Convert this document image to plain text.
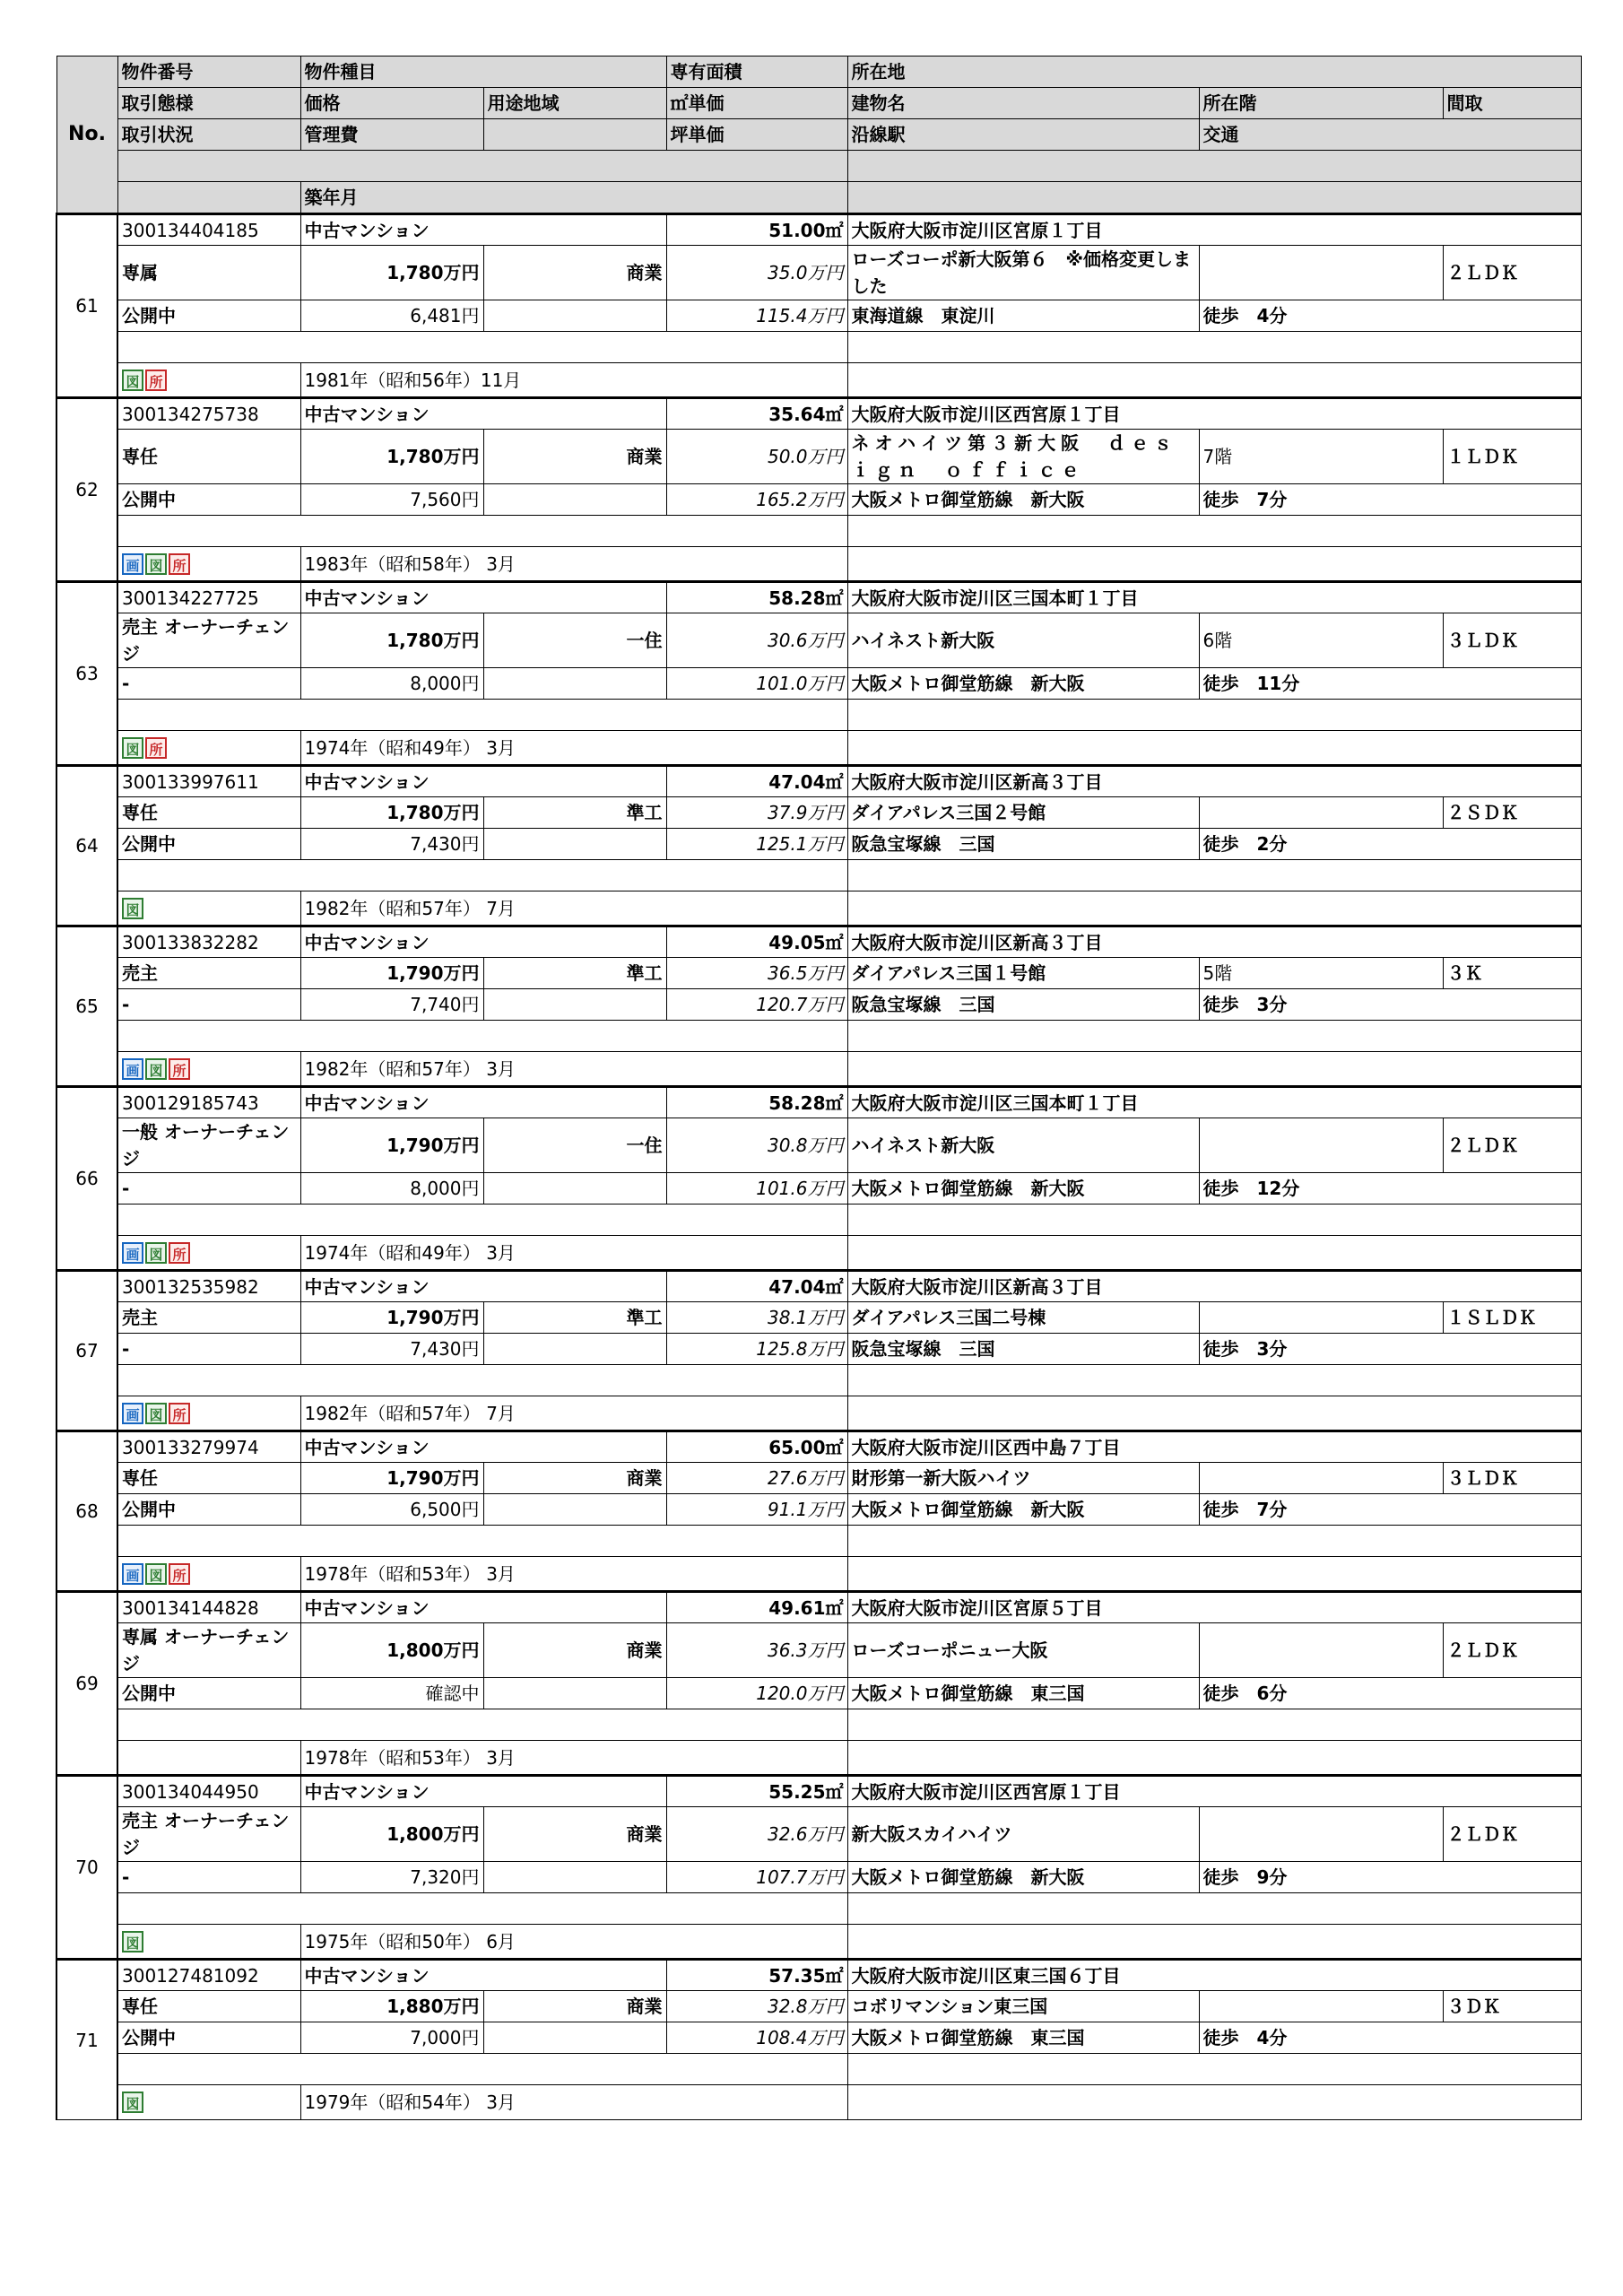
No.	物件番号	物件種目		専有面積	所在地		
	取引態様	価格	用途地域	㎡単価	建物名	所在階	間取
	取引状況	管理費		坪単価	沿線駅	交通	

		築年月					
61	300134404185	中古マンション		51.00㎡	大阪府大阪市淀川区宮原１丁目		
	専属	1,780万円	商業	35.0万円	ローズコーポ新大阪第６　※価格変更しました		２ＬＤＫ
	公開中	6,481円		115.4万円	東海道線　東淀川	徒歩　4分	

	図 所	1981年（昭和56年）11月					
62	300134275738	中古マンション		35.64㎡	大阪府大阪市淀川区西宮原１丁目		
	専任	1,780万円	商業	50.0万円	ネオハイツ第３新大阪　ｄｅｓｉｇｎ　ｏｆｆｉｃｅ	7階	１ＬＤＫ
	公開中	7,560円		165.2万円	大阪メトロ御堂筋線　新大阪	徒歩　7分	

	画 図 所	1983年（昭和58年） 3月					
63	300134227725	中古マンション		58.28㎡	大阪府大阪市淀川区三国本町１丁目		
	売主 オーナーチェンジ	1,780万円	一住	30.6万円	ハイネスト新大阪	6階	３ＬＤＫ
	-	8,000円		101.0万円	大阪メトロ御堂筋線　新大阪	徒歩　11分	

	図 所	1974年（昭和49年） 3月					
64	300133997611	中古マンション		47.04㎡	大阪府大阪市淀川区新高３丁目		
	専任	1,780万円	準工	37.9万円	ダイアパレス三国２号館		２ＳＤＫ
	公開中	7,430円		125.1万円	阪急宝塚線　三国	徒歩　2分	

	図	1982年（昭和57年） 7月					
65	300133832282	中古マンション		49.05㎡	大阪府大阪市淀川区新高３丁目		
	売主	1,790万円	準工	36.5万円	ダイアパレス三国１号館	5階	３Ｋ
	-	7,740円		120.7万円	阪急宝塚線　三国	徒歩　3分	

	画 図 所	1982年（昭和57年） 3月					
66	300129185743	中古マンション		58.28㎡	大阪府大阪市淀川区三国本町１丁目		
	一般 オーナーチェンジ	1,790万円	一住	30.8万円	ハイネスト新大阪		２ＬＤＫ
	-	8,000円		101.6万円	大阪メトロ御堂筋線　新大阪	徒歩　12分	

	画 図 所	1974年（昭和49年） 3月					
67	300132535982	中古マンション		47.04㎡	大阪府大阪市淀川区新高３丁目		
	売主	1,790万円	準工	38.1万円	ダイアパレス三国二号棟		１ＳＬＤＫ
	-	7,430円		125.8万円	阪急宝塚線　三国	徒歩　3分	

	画 図 所	1982年（昭和57年） 7月					
68	300133279974	中古マンション		65.00㎡	大阪府大阪市淀川区西中島７丁目		
	専任	1,790万円	商業	27.6万円	財形第一新大阪ハイツ		３ＬＤＫ
	公開中	6,500円		91.1万円	大阪メトロ御堂筋線　新大阪	徒歩　7分	

	画 図 所	1978年（昭和53年） 3月					
69	300134144828	中古マンション		49.61㎡	大阪府大阪市淀川区宮原５丁目		
	専属 オーナーチェンジ	1,800万円	商業	36.3万円	ローズコーポニュー大阪		２ＬＤＫ
	公開中	確認中		120.0万円	大阪メトロ御堂筋線　東三国	徒歩　6分	

		1978年（昭和53年） 3月					
70	300134044950	中古マンション		55.25㎡	大阪府大阪市淀川区西宮原１丁目		
	売主 オーナーチェンジ	1,800万円	商業	32.6万円	新大阪スカイハイツ		２ＬＤＫ
	-	7,320円		107.7万円	大阪メトロ御堂筋線　新大阪	徒歩　9分	

	図	1975年（昭和50年） 6月					
71	300127481092	中古マンション		57.35㎡	大阪府大阪市淀川区東三国６丁目		
	専任	1,880万円	商業	32.8万円	コボリマンション東三国		３ＤＫ
	公開中	7,000円		108.4万円	大阪メトロ御堂筋線　東三国	徒歩　4分	

	図	1979年（昭和54年） 3月					
